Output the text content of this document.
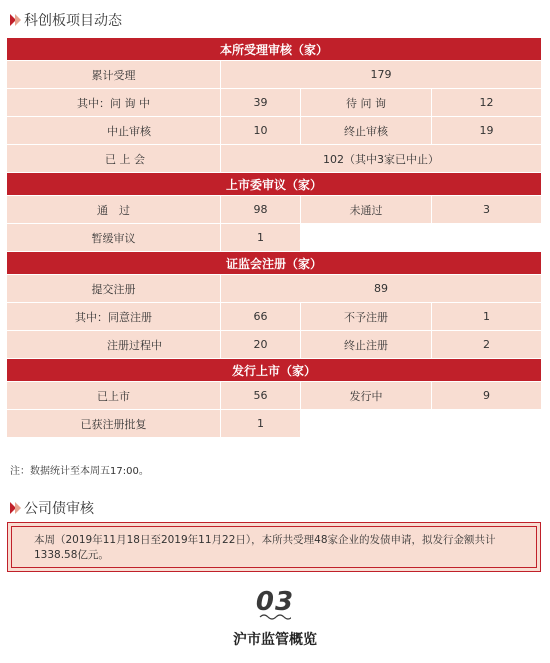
科创板项目动态
本所受理审核（家）
累计受理	179
其中：问 询 中	39	待 问 询	12
中止审核	10	终止审核	19
已 上 会	102（其中3家已中止）
上市委审议（家）
通　过	98	未通过	3
暂缓审议	1
证监会注册（家）
提交注册	89
其中：同意注册	66	不予注册	1
注册过程中	20	终止注册	2
发行上市（家）
已上市	56	发行中	9
已获注册批复	1
注：数据统计至本周五17:00。
公司债审核
本周（2019年11月18日至2019年11月22日），本所共受理48家企业的发债申请，拟发行金额共计1338.58亿元。
03
沪市监管概览
